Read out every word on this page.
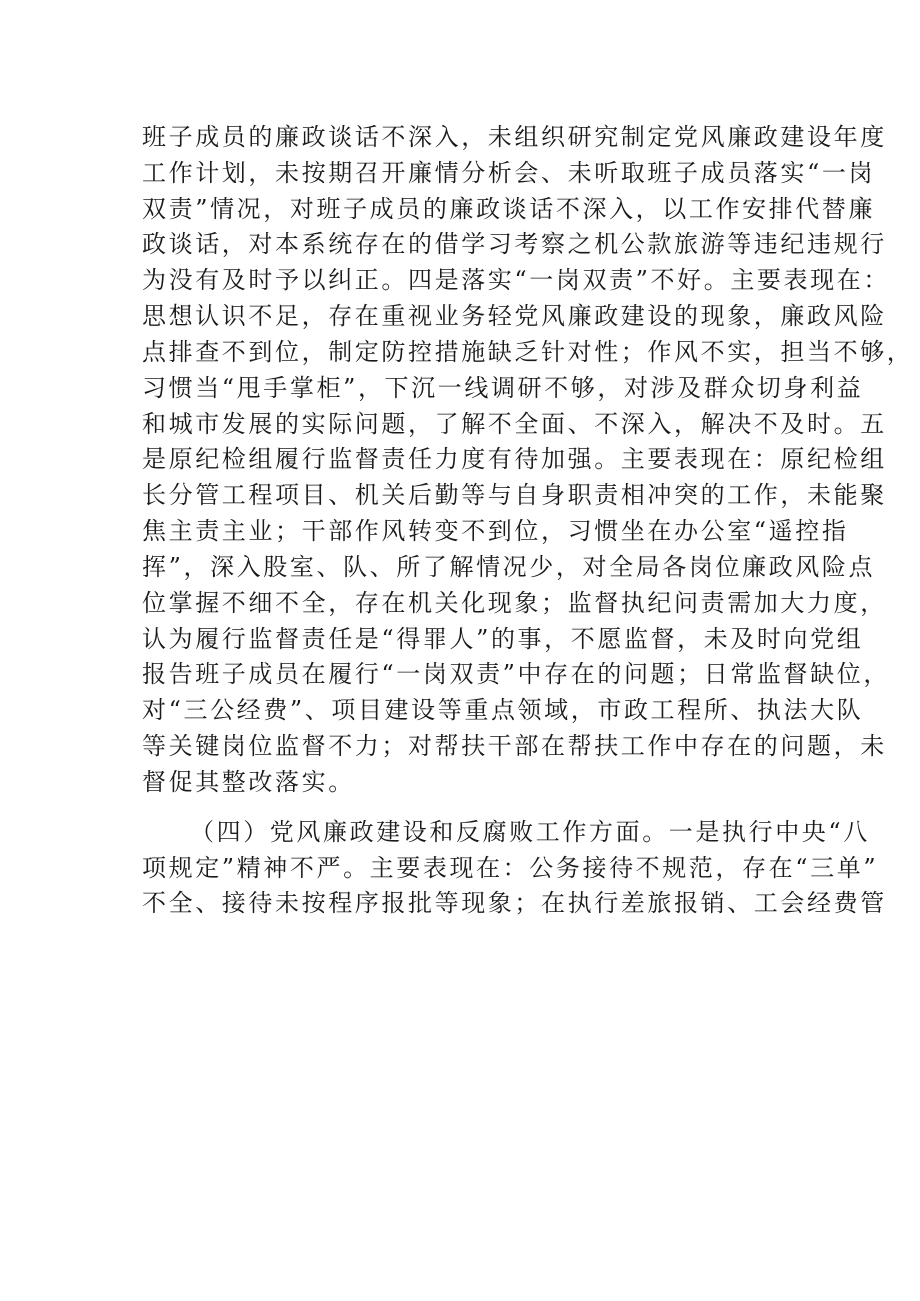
班子成员的廉政谈话不深入，未组织研究制定党风廉政建设年度
工作计划，未按期召开廉情分析会、未听取班子成员落实“一岗
双责”情况，对班子成员的廉政谈话不深入，以工作安排代替廉
政谈话，对本系统存在的借学习考察之机公款旅游等违纪违规行
为没有及时予以纠正。四是落实“一岗双责”不好。主要表现在：
思想认识不足，存在重视业务轻党风廉政建设的现象，廉政风险
点排查不到位，制定防控措施缺乏针对性；作风不实，担当不够，
习惯当“甩手掌柜”，下沉一线调研不够，对涉及群众切身利益
和城市发展的实际问题，了解不全面、不深入，解决不及时。五
是原纪检组履行监督责任力度有待加强。主要表现在：原纪检组
长分管工程项目、机关后勤等与自身职责相冲突的工作，未能聚
焦主责主业；干部作风转变不到位，习惯坐在办公室“遥控指
挥”，深入股室、队、所了解情况少，对全局各岗位廉政风险点
位掌握不细不全，存在机关化现象；监督执纪问责需加大力度，
认为履行监督责任是“得罪人”的事，不愿监督，未及时向党组
报告班子成员在履行“一岗双责”中存在的问题；日常监督缺位，
对“三公经费”、项目建设等重点领域，市政工程所、执法大队
等关键岗位监督不力；对帮扶干部在帮扶工作中存在的问题，未
督促其整改落实。
（四）党风廉政建设和反腐败工作方面。一是执行中央“八
项规定”精神不严。主要表现在：公务接待不规范，存在“三单”
不全、接待未按程序报批等现象；在执行差旅报销、工会经费管
